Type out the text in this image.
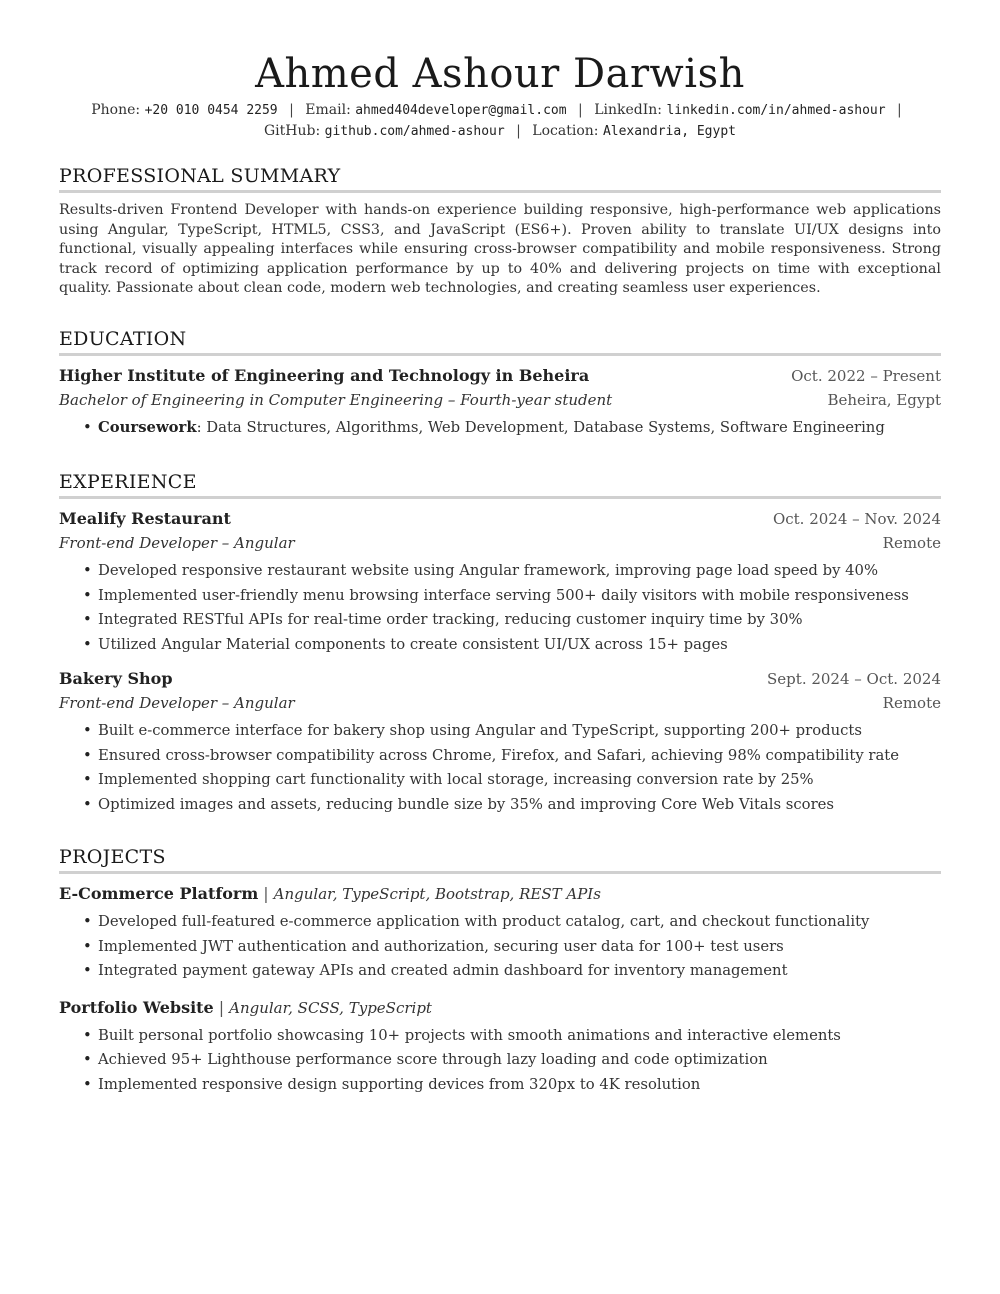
Ahmed Ashour Darwish
Phone: +20 010 0454 2259 | Email: ahmed404developer@gmail.com | LinkedIn: linkedin.com/in/ahmed-ashour |
GitHub: github.com/ahmed-ashour | Location: Alexandria, Egypt
PROFESSIONAL SUMMARY
Results-driven Frontend Developer with hands-on experience building responsive, high-performance web applications using Angular, TypeScript, HTML5, CSS3, and JavaScript (ES6+). Proven ability to translate UI/UX designs into functional, visually appealing interfaces while ensuring cross-browser compatibility and mobile responsiveness. Strong track record of optimizing application performance by up to 40% and delivering projects on time with exceptional quality. Passionate about clean code, modern web technologies, and creating seamless user experiences.
EDUCATION
Higher Institute of Engineering and Technology in Beheira	Oct. 2022 – Present
Bachelor of Engineering in Computer Engineering – Fourth-year student	Beheira, Egypt
• Coursework: Data Structures, Algorithms, Web Development, Database Systems, Software Engineering
EXPERIENCE
Mealify Restaurant	Oct. 2024 – Nov. 2024
Front-end Developer – Angular	Remote
• Developed responsive restaurant website using Angular framework, improving page load speed by 40%
• Implemented user-friendly menu browsing interface serving 500+ daily visitors with mobile responsiveness
• Integrated RESTful APIs for real-time order tracking, reducing customer inquiry time by 30%
• Utilized Angular Material components to create consistent UI/UX across 15+ pages
Bakery Shop	Sept. 2024 – Oct. 2024
Front-end Developer – Angular	Remote
• Built e-commerce interface for bakery shop using Angular and TypeScript, supporting 200+ products
• Ensured cross-browser compatibility across Chrome, Firefox, and Safari, achieving 98% compatibility rate
• Implemented shopping cart functionality with local storage, increasing conversion rate by 25%
• Optimized images and assets, reducing bundle size by 35% and improving Core Web Vitals scores
PROJECTS
E-Commerce Platform | Angular, TypeScript, Bootstrap, REST APIs
• Developed full-featured e-commerce application with product catalog, cart, and checkout functionality
• Implemented JWT authentication and authorization, securing user data for 100+ test users
• Integrated payment gateway APIs and created admin dashboard for inventory management
Portfolio Website | Angular, SCSS, TypeScript
• Built personal portfolio showcasing 10+ projects with smooth animations and interactive elements
• Achieved 95+ Lighthouse performance score through lazy loading and code optimization
• Implemented responsive design supporting devices from 320px to 4K resolution
